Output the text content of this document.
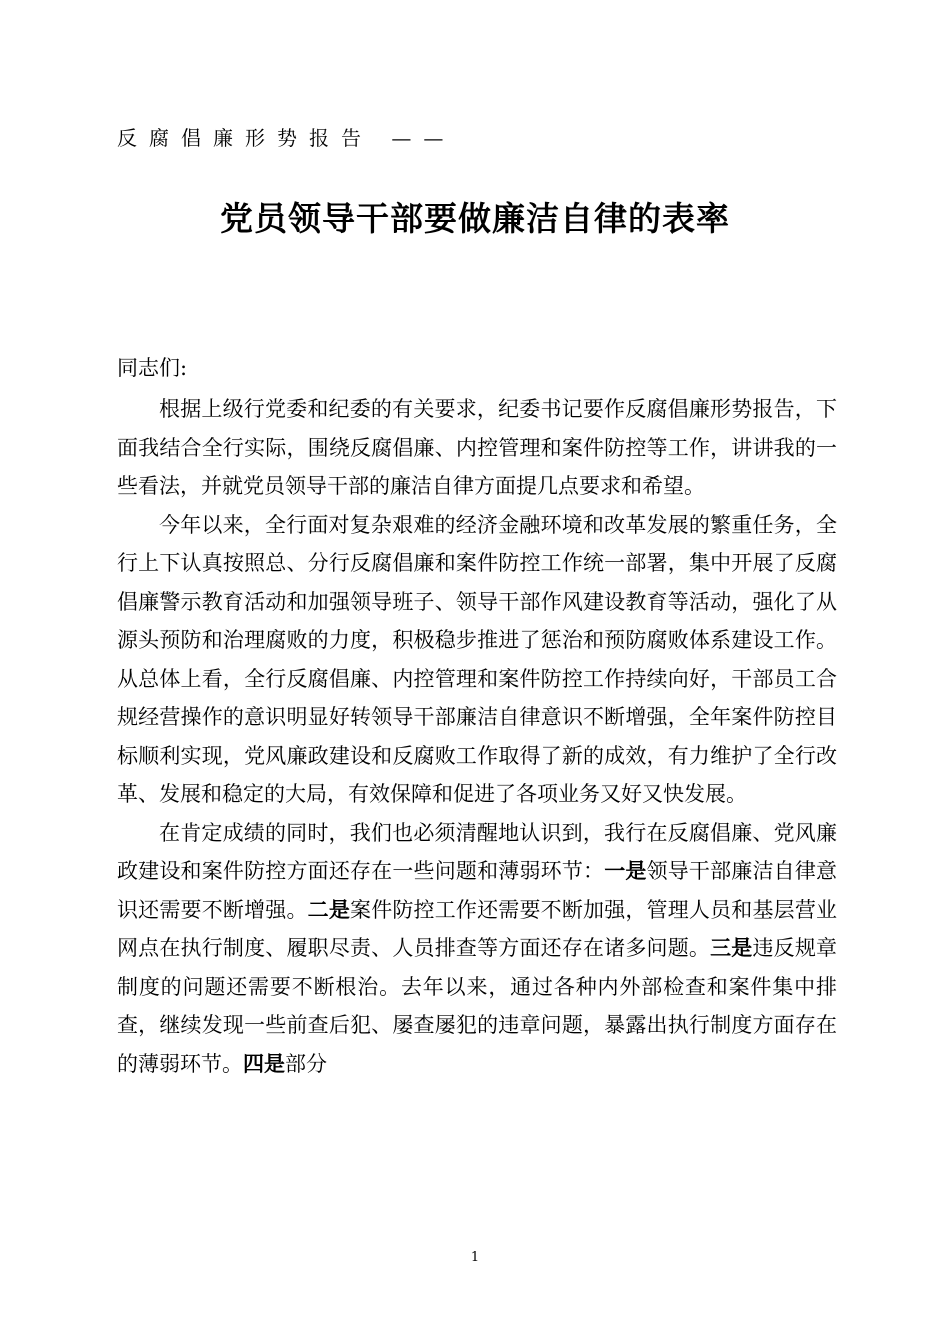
反腐倡廉形势报告 ——
党员领导干部要做廉洁自律的表率
同志们:

根据上级行党委和纪委的有关要求，纪委书记要作反腐倡廉形势报告，下面我结合全行实际，围绕反腐倡廉、内控管理和案件防控等工作，讲讲我的一些看法，并就党员领导干部的廉洁自律方面提几点要求和希望。

今年以来，全行面对复杂艰难的经济金融环境和改革发展的繁重任务，全行上下认真按照总、分行反腐倡廉和案件防控工作统一部署，集中开展了反腐倡廉警示教育活动和加强领导班子、领导干部作风建设教育等活动，强化了从源头预防和治理腐败的力度，积极稳步推进了惩治和预防腐败体系建设工作。从总体上看，全行反腐倡廉、内控管理和案件防控工作持续向好，干部员工合规经营操作的意识明显好转领导干部廉洁自律意识不断增强，全年案件防控目标顺利实现，党风廉政建设和反腐败工作取得了新的成效，有力维护了全行改革、发展和稳定的大局，有效保障和促进了各项业务又好又快发展。

在肯定成绩的同时，我们也必须清醒地认识到，我行在反腐倡廉、党风廉政建设和案件防控方面还存在一些问题和薄弱环节：一是领导干部廉洁自律意识还需要不断增强。二是案件防控工作还需要不断加强，管理人员和基层营业网点在执行制度、履职尽责、人员排查等方面还存在诸多问题。三是违反规章制度的问题还需要不断根治。去年以来，通过各种内外部检查和案件集中排查，继续发现一些前查后犯、屡查屡犯的违章问题，暴露出执行制度方面存在的薄弱环节。四是部分

1
